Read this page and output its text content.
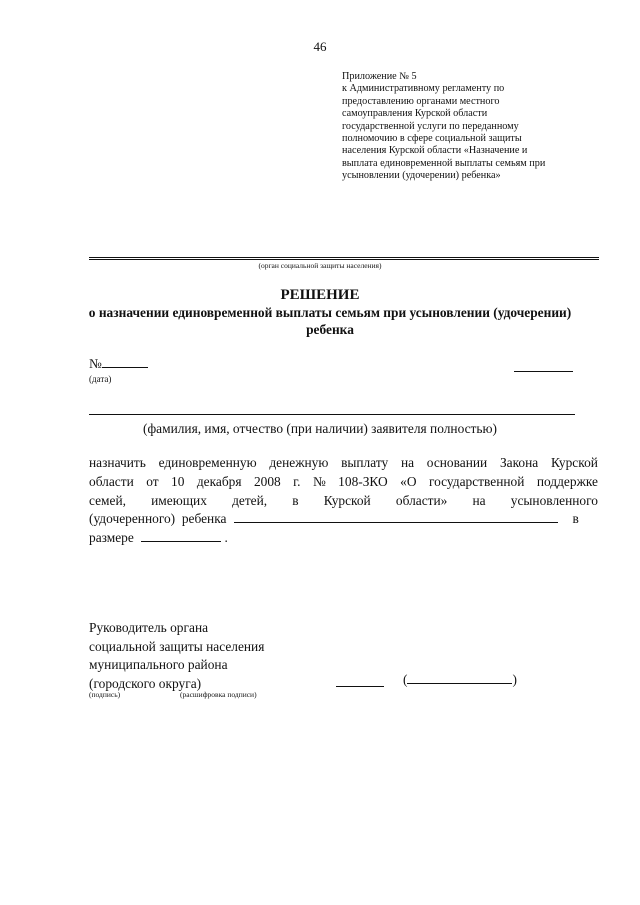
46
Приложение № 5
к Административному регламенту по
предоставлению органами местного
самоуправления Курской области
государственной услуги по переданному
полномочию в сфере социальной защиты
населения Курской области «Назначение и
выплата единовременной выплаты семьям при
усыновлении (удочерении) ребенка»
(орган социальной защиты населения)
РЕШЕНИЕ
о назначении единовременной выплаты семьям при усыновлении (удочерении) ребенка
№
(дата)
(фамилия, имя, отчество (при наличии) заявителя полностью)
назначить единовременную денежную выплату на основании Закона Курской
области от 10 декабря 2008 г. № 108-ЗКО «О государственной поддержке
семей, имеющих детей, в Курской области» на усыновленного
(удочеренного)  ребенка	в
размере	.
Руководитель органа
социальной защиты населения
муниципального района
(городского округа)
(подпись)	(расшифровка подписи)
(	)
